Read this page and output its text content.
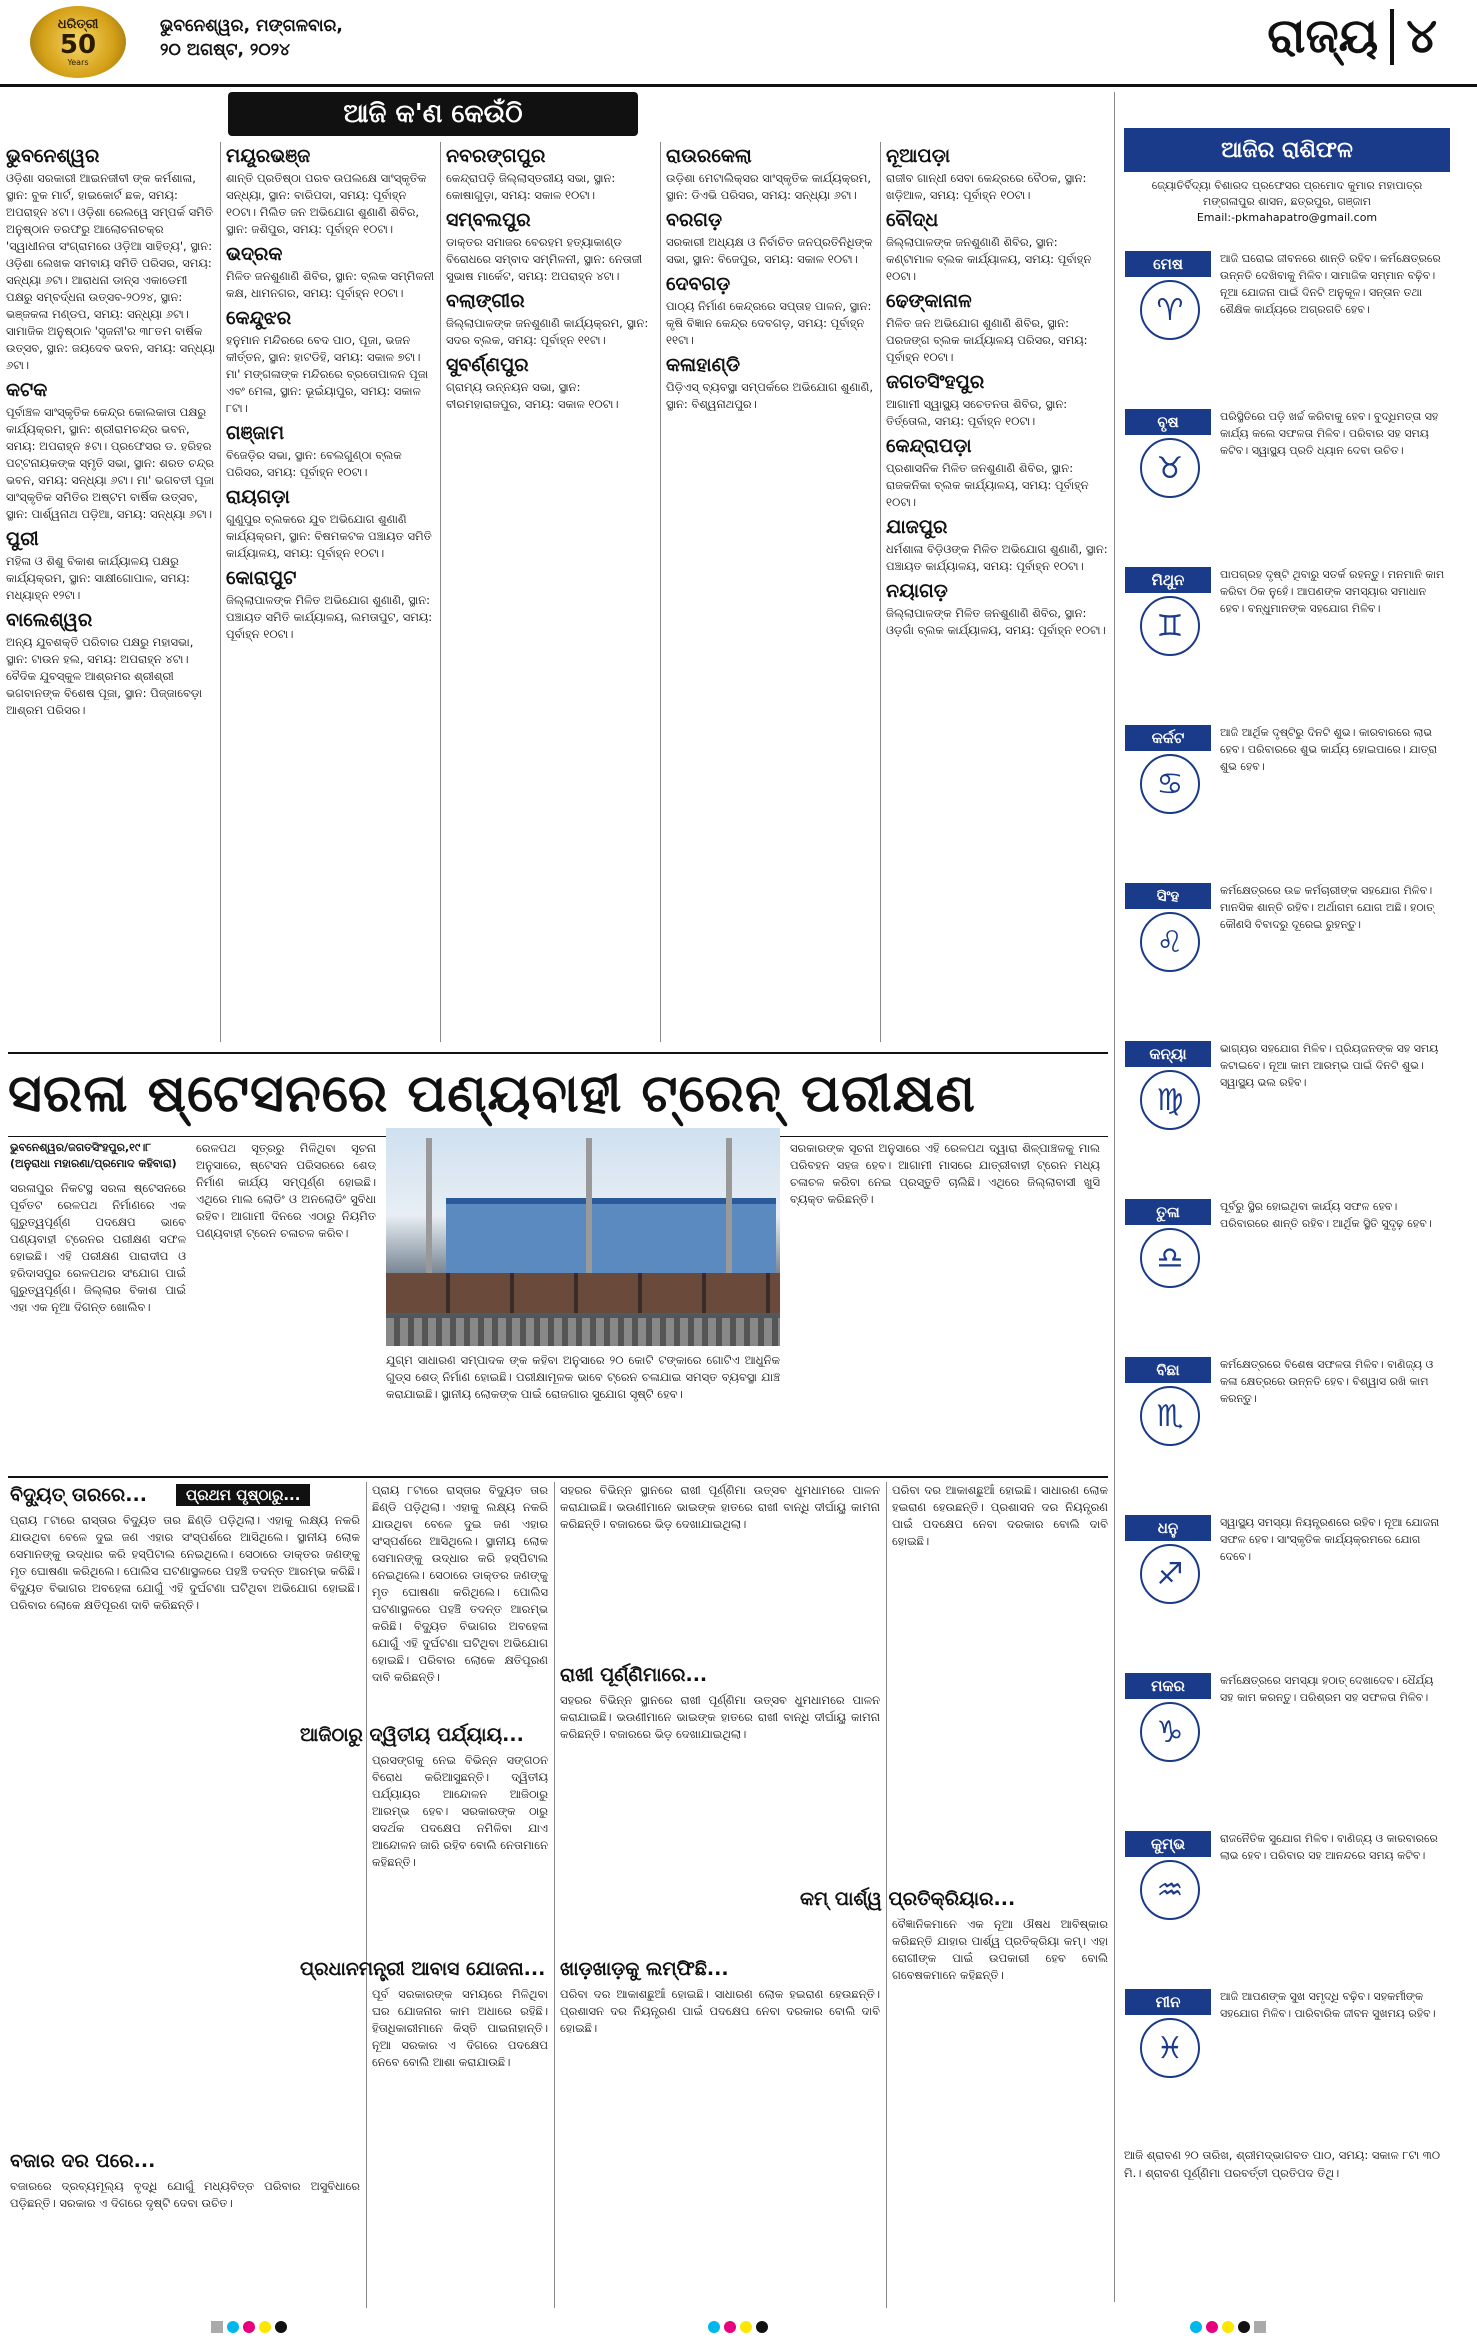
ଧରିତ୍ରୀ
50
Years
ଭୁବନେଶ୍ୱର, ମଙ୍ଗଳବାର,
୨୦ ଅଗଷ୍ଟ, ୨୦୨୪	ରାଜ୍ୟ ୪
ଆଜି କ'ଣ କେଉଁଠି
ଭୁବନେଶ୍ୱର

ଓଡ଼ିଶା ସରକାରୀ ଆଇନଜୀବୀ ଙ୍କ କର୍ମଶାଳା, ସ୍ଥାନ: ବୁକ ମାର୍ଟ, ହାଇକୋର୍ଟ ଛକ, ସମୟ: ଅପରାହ୍ନ ୪ଟା। ଓଡ଼ିଶା ରେଲୱେ ସମ୍ପର୍କ ସମିତି ଅନୁଷ୍ଠାନ ତରଫରୁ ଆଲୋଚନାଚକ୍ର 'ସ୍ୱାଧୀନତା ସଂଗ୍ରାମରେ ଓଡ଼ିଆ ସାହିତ୍ୟ', ସ୍ଥାନ: ଓଡ଼ିଶା ଲେଖକ ସମବାୟ ସମିତି ପରିସର, ସମୟ: ସନ୍ଧ୍ୟା ୬ଟା। ଆରାଧନା ଡାନ୍ସ ଏକାଡେମୀ ପକ୍ଷରୁ ସମ୍ବର୍ଦ୍ଧନା ଉତ୍ସବ-୨୦୨୪, ସ୍ଥାନ: ଭଞ୍ଜକଳା ମଣ୍ଡପ, ସମୟ: ସନ୍ଧ୍ୟା ୬ଟା। ସାମାଜିକ ଅନୁଷ୍ଠାନ 'ସୃଜନୀ'ର ୩୮ତମ ବାର୍ଷିକ ଉତ୍ସବ, ସ୍ଥାନ: ଜୟଦେବ ଭବନ, ସମୟ: ସନ୍ଧ୍ୟା ୬ଟା।

କଟକ

ପୂର୍ବାଞ୍ଚଳ ସାଂସ୍କୃତିକ କେନ୍ଦ୍ର କୋଲକାତା ପକ୍ଷରୁ କାର୍ଯ୍ୟକ୍ରମ, ସ୍ଥାନ: ଶ୍ରୀରାମଚନ୍ଦ୍ର ଭବନ, ସମୟ: ଅପରାହ୍ନ ୫ଟା। ପ୍ରଫେସର ଡ. ହରିହର ପଟ୍ଟନାୟକଙ୍କ ସ୍ମୃତି ସଭା, ସ୍ଥାନ: ଶରତ ଚନ୍ଦ୍ର ଭବନ, ସମୟ: ସନ୍ଧ୍ୟା ୬ଟା। ମା' ଭଗବତୀ ପୂଜା ସାଂସ୍କୃତିକ ସମିତିର ଅଷ୍ଟମ ବାର୍ଷିକ ଉତ୍ସବ, ସ୍ଥାନ: ପାର୍ଶ୍ୱନାଥ ପଡ଼ିଆ, ସମୟ: ସନ୍ଧ୍ୟା ୬ଟା।

ପୁରୀ

ମହିଳା ଓ ଶିଶୁ ବିକାଶ କାର୍ଯ୍ୟାଳୟ ପକ୍ଷରୁ କାର୍ଯ୍ୟକ୍ରମ, ସ୍ଥାନ: ସାକ୍ଷୀଗୋପାଳ, ସମୟ: ମଧ୍ୟାହ୍ନ ୧୨ଟା।

ବାଲେଶ୍ୱର

ଅନ୍ୟ ଯୁବଶକ୍ତି ପରିବାର ପକ୍ଷରୁ ମହାସଭା, ସ୍ଥାନ: ଟାଉନ ହଲ, ସମୟ: ଅପରାହ୍ନ ୪ଟା। ବୈଦିକ ଯୁବସ୍କୁଳ ଆଶ୍ରମର ଶ୍ରୀଶ୍ରୀ ଭଗବାନଙ୍କ ବିଶେଷ ପୂଜା, ସ୍ଥାନ: ପିଜ୍ଜାବେଡ଼ା ଆଶ୍ରମ ପରିସର।

ମୟୂରଭଞ୍ଜ

ଶାନ୍ତି ପ୍ରତିଷ୍ଠା ପରବ ଉପଲକ୍ଷେ ସାଂସ୍କୃତିକ ସନ୍ଧ୍ୟା, ସ୍ଥାନ: ବାରିପଦା, ସମୟ: ପୂର୍ବାହ୍ନ ୧୦ଟା। ମିଲିତ ଜନ ଅଭିଯୋଗ ଶୁଣାଣି ଶିବିର, ସ୍ଥାନ: ଜଶିପୁର, ସମୟ: ପୂର୍ବାହ୍ନ ୧୦ଟା।

ଭଦ୍ରକ

ମିଳିତ ଜନଶୁଣାଣି ଶିବିର, ସ୍ଥାନ: ବ୍ଲକ ସମ୍ମିଳନୀ କକ୍ଷ, ଧାମନଗର, ସମୟ: ପୂର୍ବାହ୍ନ ୧୦ଟା।

କେନ୍ଦୁଝର

ହନୁମାନ ମନ୍ଦିରରେ ବେଦ ପାଠ, ପୂଜା, ଭଜନ କୀର୍ତ୍ତନ, ସ୍ଥାନ: ହାଟଡିହି, ସମୟ: ସକାଳ ୭ଟା। ମା' ମଙ୍ଗଳାଙ୍କ ମନ୍ଦିରରେ ବ୍ରତୋପାଳନ ପୂଜା ଏବଂ ମେଳା, ସ୍ଥାନ: ଭୂଇଁୟାପୁର, ସମୟ: ସକାଳ ୮ଟା।

ଗଞ୍ଜାମ

ବିଜେଡ଼ିର ସଭା, ସ୍ଥାନ: ବେଲଗୁଣ୍ଠା ବ୍ଲକ ପରିସର, ସମୟ: ପୂର୍ବାହ୍ନ ୧୦ଟା।

ରାୟଗଡ଼ା

ଗୁଣୁପୁର ବ୍ଲକରେ ଯୁବ ଅଭିଯୋଗ ଶୁଣାଣି କାର୍ଯ୍ୟକ୍ରମ, ସ୍ଥାନ: ବିଷମକଟକ ପଞ୍ଚାୟତ ସମିତି କାର୍ଯ୍ୟାଳୟ, ସମୟ: ପୂର୍ବାହ୍ନ ୧୦ଟା।

କୋରାପୁଟ

ଜିଲ୍ଲାପାଳଙ୍କ ମିଳିତ ଅଭିଯୋଗ ଶୁଣାଣି, ସ୍ଥାନ: ପଞ୍ଚାୟତ ସମିତି କାର୍ଯ୍ୟାଳୟ, ଲମତାପୁଟ, ସମୟ: ପୂର୍ବାହ୍ନ ୧୦ଟା।

ନବରଙ୍ଗପୁର

କେନ୍ଦ୍ରାପଡ଼ି ଜିଲ୍ଲାସ୍ତରୀୟ ସଭା, ସ୍ଥାନ: କୋଷାଗୁଡ଼ା, ସମୟ: ସକାଳ ୧୦ଟା।

ସମ୍ବଲପୁର

ଡାକ୍ତର ସମାଜର ବେରହମ ହତ୍ୟାକାଣ୍ଡ ବିରୋଧରେ ସମ୍ବାଦ ସମ୍ମିଳନୀ, ସ୍ଥାନ: ନେତାଜୀ ସୁଭାଷ ମାର୍କେଟ, ସମୟ: ଅପରାହ୍ନ ୪ଟା।

ବଲାଙ୍ଗୀର

ଜିଲ୍ଲାପାଳଙ୍କ ଜନଶୁଣାଣି କାର୍ଯ୍ୟକ୍ରମ, ସ୍ଥାନ: ସଦର ବ୍ଲକ, ସମୟ: ପୂର୍ବାହ୍ନ ୧୧ଟା।

ସୁବର୍ଣ୍ଣପୁର

ଗ୍ରାମ୍ୟ ଉନ୍ନୟନ ସଭା, ସ୍ଥାନ: ବୀରମହାରାଜପୁର, ସମୟ: ସକାଳ ୧୦ଟା।

ରାଉରକେଲା

ଉଡ଼ିଶା ମେଟାଲିକ୍ସର ସାଂସ୍କୃତିକ କାର୍ଯ୍ୟକ୍ରମ, ସ୍ଥାନ: ଡିଏଭି ପରିସର, ସମୟ: ସନ୍ଧ୍ୟା ୬ଟା।

ବରଗଡ଼

ସରକାରୀ ଅଧ୍ୟକ୍ଷ ଓ ନିର୍ବାଚିତ ଜନପ୍ରତିନିଧିଙ୍କ ସଭା, ସ୍ଥାନ: ବିଜେପୁର, ସମୟ: ସକାଳ ୧୦ଟା।

ଦେବଗଡ଼

ପାଠ୍ୟ ନିର୍ମାଣ କେନ୍ଦ୍ରରେ ସପ୍ତାହ ପାଳନ, ସ୍ଥାନ: କୃଷି ବିଜ୍ଞାନ କେନ୍ଦ୍ର ଦେବଗଡ଼, ସମୟ: ପୂର୍ବାହ୍ନ ୧୧ଟା।

କଳାହାଣ୍ଡି

ପିଡ଼ିଏସ୍ ବ୍ୟବସ୍ଥା ସମ୍ପର୍କରେ ଅଭିଯୋଗ ଶୁଣାଣି, ସ୍ଥାନ: ବିଶ୍ୱନାଥପୁର।

ନୂଆପଡ଼ା

ରାଜୀବ ଗାନ୍ଧୀ ସେବା କେନ୍ଦ୍ରରେ ବୈଠକ, ସ୍ଥାନ: ଖଡ଼ିଆଳ, ସମୟ: ପୂର୍ବାହ୍ନ ୧୦ଟା।

ବୌଦ୍ଧ

ଜିଲ୍ଲାପାଳଙ୍କ ଜନଶୁଣାଣି ଶିବିର, ସ୍ଥାନ: କଣ୍ଟାମାଳ ବ୍ଲକ କାର୍ଯ୍ୟାଳୟ, ସମୟ: ପୂର୍ବାହ୍ନ ୧୦ଟା।

ଢେଙ୍କାନାଳ

ମିଳିତ ଜନ ଅଭିଯୋଗ ଶୁଣାଣି ଶିବିର, ସ୍ଥାନ: ପରଜଙ୍ଗ ବ୍ଲକ କାର୍ଯ୍ୟାଳୟ ପରିସର, ସମୟ: ପୂର୍ବାହ୍ନ ୧୦ଟା।

ଜଗତସିଂହପୁର

ଆଗାମୀ ସ୍ୱାସ୍ଥ୍ୟ ସଚେତନତା ଶିବିର, ସ୍ଥାନ: ତିର୍ତ୍ତୋଲ, ସମୟ: ପୂର୍ବାହ୍ନ ୧୦ଟା।

କେନ୍ଦ୍ରାପଡ଼ା

ପ୍ରଶାସନିକ ମିଳିତ ଜନଶୁଣାଣି ଶିବିର, ସ୍ଥାନ: ରାଜକନିକା ବ୍ଲକ କାର୍ଯ୍ୟାଳୟ, ସମୟ: ପୂର୍ବାହ୍ନ ୧୦ଟା।

ଯାଜପୁର

ଧର୍ମଶାଳା ବିଡ଼ିଓଙ୍କ ମିଳିତ ଅଭିଯୋଗ ଶୁଣାଣି, ସ୍ଥାନ: ପଞ୍ଚାୟତ କାର୍ଯ୍ୟାଳୟ, ସମୟ: ପୂର୍ବାହ୍ନ ୧୦ଟା।

ନୟାଗଡ଼

ଜିଲ୍ଲାପାଳଙ୍କ ମିଳିତ ଜନଶୁଣାଣି ଶିବିର, ସ୍ଥାନ: ଓଡ଼ଗାଁ ବ୍ଲକ କାର୍ଯ୍ୟାଳୟ, ସମୟ: ପୂର୍ବାହ୍ନ ୧୦ଟା।

ଆଜିର ରାଶିଫଳ
ଜ୍ୟୋତିର୍ବିଦ୍ୟା ବିଶାରଦ ପ୍ରଫେସର ପ୍ରମୋଦ କୁମାର ମହାପାତ୍ର
ମଙ୍ଗଳାପୁର ଶାସନ, ଛତ୍ରପୁର, ଗଞ୍ଜାମ
Email:-pkmahapatro@gmail.com
ମେଷ
♈
ଆଜି ଘରୋଇ ଜୀବନରେ ଶାନ୍ତି ରହିବ। କର୍ମକ୍ଷେତ୍ରରେ ଉନ୍ନତି ଦେଖିବାକୁ ମିଳିବ। ସାମାଜିକ ସମ୍ମାନ ବଢ଼ିବ। ନୂଆ ଯୋଜନା ପାଇଁ ଦିନଟି ଅନୁକୂଳ। ସନ୍ତାନ ତଥା ଶୈକ୍ଷିକ କାର୍ଯ୍ୟରେ ଅଗ୍ରଗତି ହେବ।
ବୃଷ
♉
ପରିସ୍ଥିତିରେ ପଡ଼ି ଖର୍ଚ୍ଚ କରିବାକୁ ହେବ। ବୁଦ୍ଧିମତ୍ତା ସହ କାର୍ଯ୍ୟ କଲେ ସଫଳତା ମିଳିବ। ପରିବାର ସହ ସମୟ କଟିବ। ସ୍ୱାସ୍ଥ୍ୟ ପ୍ରତି ଧ୍ୟାନ ଦେବା ଉଚିତ।
ମିଥୁନ
♊
ପାପଗ୍ରହ ଦୃଷ୍ଟି ଥିବାରୁ ସତର୍କ ରହନ୍ତୁ। ମନମାନି କାମ କରିବା ଠିକ ନୁହେଁ। ଆପଣଙ୍କ ସମସ୍ୟାର ସମାଧାନ ହେବ। ବନ୍ଧୁମାନଙ୍କ ସହଯୋଗ ମିଳିବ।
କର୍କଟ
♋
ଆଜି ଆର୍ଥିକ ଦୃଷ୍ଟିରୁ ଦିନଟି ଶୁଭ। କାରବାରରେ ଲାଭ ହେବ। ପରିବାରରେ ଶୁଭ କାର୍ଯ୍ୟ ହୋଇପାରେ। ଯାତ୍ରା ଶୁଭ ହେବ।
ସିଂହ
♌
କର୍ମକ୍ଷେତ୍ରରେ ଉଚ୍ଚ କର୍ମଚାରୀଙ୍କ ସହଯୋଗ ମିଳିବ। ମାନସିକ ଶାନ୍ତି ରହିବ। ଅର୍ଥାଗମ ଯୋଗ ଅଛି। ହଠାତ୍ କୌଣସି ବିବାଦରୁ ଦୂରେଇ ରୁହନ୍ତୁ।
କନ୍ୟା
♍
ଭାଗ୍ୟର ସହଯୋଗ ମିଳିବ। ପ୍ରିୟଜନଙ୍କ ସହ ସମୟ କଟାଇବେ। ନୂଆ କାମ ଆରମ୍ଭ ପାଇଁ ଦିନଟି ଶୁଭ। ସ୍ୱାସ୍ଥ୍ୟ ଭଲ ରହିବ।
ତୁଳା
♎
ପୂର୍ବରୁ ସ୍ଥିର ହୋଇଥିବା କାର୍ଯ୍ୟ ସଫଳ ହେବ। ପରିବାରରେ ଶାନ୍ତି ରହିବ। ଆର୍ଥିକ ସ୍ଥିତି ସୁଦୃଢ଼ ହେବ।
ବିଛା
♏
କର୍ମକ୍ଷେତ୍ରରେ ବିଶେଷ ସଫଳତା ମିଳିବ। ବାଣିଜ୍ୟ ଓ କଳା କ୍ଷେତ୍ରରେ ଉନ୍ନତି ହେବ। ବିଶ୍ୱାସ ରଖି କାମ କରନ୍ତୁ।
ଧନୁ
♐
ସ୍ୱାସ୍ଥ୍ୟ ସମସ୍ୟା ନିୟନ୍ତ୍ରଣରେ ରହିବ। ନୂଆ ଯୋଜନା ସଫଳ ହେବ। ସାଂସ୍କୃତିକ କାର୍ଯ୍ୟକ୍ରମରେ ଯୋଗ ଦେବେ।
ମକର
♑
କର୍ମକ୍ଷେତ୍ରରେ ସମସ୍ୟା ହଠାତ୍ ଦେଖାଦେବ। ଧୈର୍ଯ୍ୟ ସହ କାମ କରନ୍ତୁ। ପରିଶ୍ରମ ସହ ସଫଳତା ମିଳିବ।
କୁମ୍ଭ
♒
ରାଜନୈତିକ ସୁଯୋଗ ମିଳିବ। ବାଣିଜ୍ୟ ଓ କାରବାରରେ ଲାଭ ହେବ। ପରିବାର ସହ ଆନନ୍ଦରେ ସମୟ କଟିବ।
ମୀନ
♓
ଆଜି ଆପଣଙ୍କ ସୁଖ ସମୃଦ୍ଧି ବଢ଼ିବ। ସହକର୍ମୀଙ୍କ ସହଯୋଗ ମିଳିବ। ପାରିବାରିକ ଜୀବନ ସୁଖମୟ ରହିବ।
ଆଜି ଶ୍ରାବଣ ୨୦ ତାରିଖ, ଶ୍ରୀମଦ୍‌ଭାଗବତ ପାଠ, ସମୟ: ସକାଳ ୮ଟା ୩୦ ମି.। ଶ୍ରାବଣ ପୂର୍ଣ୍ଣିମା ପରବର୍ତ୍ତୀ ପ୍ରତିପଦ ତିଥି।
ସରଳା ଷ୍ଟେସନରେ ପଣ୍ୟବାହୀ ଟ୍ରେନ୍ ପରୀକ୍ଷଣ
ଭୁବନେଶ୍ୱର/ଜଗତସିଂହପୁର,୧୯।୮
(ଅନୁରାଧା ମହାରଣା/ପ୍ରମୋଦ କହିବାରା)
ସରଳାପୁର ନିକଟସ୍ଥ ସରଳା ଷ୍ଟେସନରେ ପୂର୍ବତଟ ରେଳପଥ ନିର୍ମାଣରେ ଏକ ଗୁରୁତ୍ୱପୂର୍ଣ୍ଣ ପଦକ୍ଷେପ ଭାବେ ପଣ୍ୟବାହୀ ଟ୍ରେନର ପରୀକ୍ଷଣ ସଫଳ ହୋଇଛି। ଏହି ପରୀକ୍ଷଣ ପାରାଦୀପ ଓ ହରିଦାସପୁର ରେଳପଥର ସଂଯୋଗ ପାଇଁ ଗୁରୁତ୍ୱପୂର୍ଣ୍ଣ। ଜିଲ୍ଲାର ବିକାଶ ପାଇଁ ଏହା ଏକ ନୂଆ ଦିଗନ୍ତ ଖୋଲିବ।
ରେଳପଥ ସୂତ୍ରରୁ ମିଳିଥିବା ସୂଚନା ଅନୁସାରେ, ଷ୍ଟେସନ ପରିସରରେ ଶେଡ୍ ନିର୍ମାଣ କାର୍ଯ୍ୟ ସମ୍ପୂର୍ଣ୍ଣ ହୋଇଛି। ଏଥିରେ ମାଲ ଲୋଡିଂ ଓ ଅନଲୋଡିଂ ସୁବିଧା ରହିବ। ଆଗାମୀ ଦିନରେ ଏଠାରୁ ନିୟମିତ ପଣ୍ୟବାହୀ ଟ୍ରେନ ଚଳାଚଳ କରିବ।
ଯୁଗ୍ମ ସାଧାରଣ ସମ୍ପାଦକ ଙ୍କ କହିବା ଅନୁସାରେ ୨୦ କୋଟି ଟଙ୍କାରେ ଗୋଟିଏ ଆଧୁନିକ ଗୁଡ୍‌ସ ଶେଡ୍ ନିର୍ମାଣ ହୋଇଛି। ପରୀକ୍ଷାମୂଳକ ଭାବେ ଟ୍ରେନ ଚଳାଯାଇ ସମସ୍ତ ବ୍ୟବସ୍ଥା ଯାଞ୍ଚ କରାଯାଇଛି। ସ୍ଥାନୀୟ ଲୋକଙ୍କ ପାଇଁ ରୋଜଗାର ସୁଯୋଗ ସୃଷ୍ଟି ହେବ।
ସରକାରଙ୍କ ସୂଚନା ଅନୁସାରେ ଏହି ରେଳପଥ ଦ୍ୱାରା ଶିଳ୍ପାଞ୍ଚଳକୁ ମାଲ ପରିବହନ ସହଜ ହେବ। ଆଗାମୀ ମାସରେ ଯାତ୍ରୀବାହୀ ଟ୍ରେନ ମଧ୍ୟ ଚଳାଚଳ କରିବା ନେଇ ପ୍ରସ୍ତୁତି ଚାଲିଛି। ଏଥିରେ ଜିଲ୍ଲାବାସୀ ଖୁସି ବ୍ୟକ୍ତ କରିଛନ୍ତି।
ବିଦ୍ୟୁତ୍ ତାରରେ...	ପ୍ରଥମ ପୃଷ୍ଠାରୁ...
ପ୍ରାୟ ୮ଟାରେ ରାସ୍ତାର ବିଦ୍ୟୁତ ତାର ଛିଣ୍ଡି ପଡ଼ିଥିଲା। ଏହାକୁ ଲକ୍ଷ୍ୟ ନକରି ଯାଉଥିବା ବେଳେ ଦୁଇ ଜଣ ଏହାର ସଂସ୍ପର୍ଶରେ ଆସିଥିଲେ। ସ୍ଥାନୀୟ ଲୋକ ସେମାନଙ୍କୁ ଉଦ୍ଧାର କରି ହସ୍ପିଟାଲ ନେଇଥିଲେ। ସେଠାରେ ଡାକ୍ତର ଜଣଙ୍କୁ ମୃତ ଘୋଷଣା କରିଥିଲେ। ପୋଲିସ ଘଟଣାସ୍ଥଳରେ ପହଞ୍ଚି ତଦନ୍ତ ଆରମ୍ଭ କରିଛି। ବିଦ୍ୟୁତ ବିଭାଗର ଅବହେଳା ଯୋଗୁଁ ଏହି ଦୁର୍ଘଟଣା ଘଟିଥିବା ଅଭିଯୋଗ ହୋଇଛି। ପରିବାର ଲୋକେ କ୍ଷତିପୂରଣ ଦାବି କରିଛନ୍ତି।
ବଜାର ଦର ପରେ...
ବଜାରରେ ଦ୍ରବ୍ୟମୂଲ୍ୟ ବୃଦ୍ଧି ଯୋଗୁଁ ମଧ୍ୟବିତ୍ତ ପରିବାର ଅସୁବିଧାରେ ପଡ଼ିଛନ୍ତି। ସରକାର ଏ ଦିଗରେ ଦୃଷ୍ଟି ଦେବା ଉଚିତ।
ପ୍ରାୟ ୮ଟାରେ ରାସ୍ତାର ବିଦ୍ୟୁତ ତାର ଛିଣ୍ଡି ପଡ଼ିଥିଲା। ଏହାକୁ ଲକ୍ଷ୍ୟ ନକରି ଯାଉଥିବା ବେଳେ ଦୁଇ ଜଣ ଏହାର ସଂସ୍ପର୍ଶରେ ଆସିଥିଲେ। ସ୍ଥାନୀୟ ଲୋକ ସେମାନଙ୍କୁ ଉଦ୍ଧାର କରି ହସ୍ପିଟାଲ ନେଇଥିଲେ। ସେଠାରେ ଡାକ୍ତର ଜଣଙ୍କୁ ମୃତ ଘୋଷଣା କରିଥିଲେ। ପୋଲିସ ଘଟଣାସ୍ଥଳରେ ପହଞ୍ଚି ତଦନ୍ତ ଆରମ୍ଭ କରିଛି। ବିଦ୍ୟୁତ ବିଭାଗର ଅବହେଳା ଯୋଗୁଁ ଏହି ଦୁର୍ଘଟଣା ଘଟିଥିବା ଅଭିଯୋଗ ହୋଇଛି। ପରିବାର ଲୋକେ କ୍ଷତିପୂରଣ ଦାବି କରିଛନ୍ତି।
ଆଜିଠାରୁ ଦ୍ୱିତୀୟ ପର୍ଯ୍ୟାୟ...
ପ୍ରସଙ୍ଗକୁ ନେଇ ବିଭିନ୍ନ ସଙ୍ଗଠନ ବିରୋଧ କରିଆସୁଛନ୍ତି। ଦ୍ୱିତୀୟ ପର୍ଯ୍ୟାୟର ଆନ୍ଦୋଳନ ଆଜିଠାରୁ ଆରମ୍ଭ ହେବ। ସରକାରଙ୍କ ଠାରୁ ସଦର୍ଥକ ପଦକ୍ଷେପ ନମିଳିବା ଯାଏ ଆନ୍ଦୋଳନ ଜାରି ରହିବ ବୋଲି ନେତାମାନେ କହିଛନ୍ତି।
ପ୍ରଧାନମନ୍ତ୍ରୀ ଆବାସ ଯୋଜନା...
ପୂର୍ବ ସରକାରଙ୍କ ସମୟରେ ମିଳିଥିବା ଘର ଯୋଜନାର କାମ ଅଧାରେ ରହିଛି। ହିତାଧିକାରୀମାନେ କିସ୍ତି ପାଇନାହାନ୍ତି। ନୂଆ ସରକାର ଏ ଦିଗରେ ପଦକ୍ଷେପ ନେବେ ବୋଲି ଆଶା କରାଯାଉଛି।
ସହରର ବିଭିନ୍ନ ସ୍ଥାନରେ ରାଖୀ ପୂର୍ଣ୍ଣିମା ଉତ୍ସବ ଧୁମଧାମରେ ପାଳନ କରାଯାଇଛି। ଭଉଣୀମାନେ ଭାଇଙ୍କ ହାତରେ ରାଖୀ ବାନ୍ଧି ଦୀର୍ଘାୟୁ କାମନା କରିଛନ୍ତି। ବଜାରରେ ଭିଡ଼ ଦେଖାଯାଇଥିଲା।
ରାଖୀ ପୂର୍ଣ୍ଣିମାରେ...
ସହରର ବିଭିନ୍ନ ସ୍ଥାନରେ ରାଖୀ ପୂର୍ଣ୍ଣିମା ଉତ୍ସବ ଧୁମଧାମରେ ପାଳନ କରାଯାଇଛି। ଭଉଣୀମାନେ ଭାଇଙ୍କ ହାତରେ ରାଖୀ ବାନ୍ଧି ଦୀର୍ଘାୟୁ କାମନା କରିଛନ୍ତି। ବଜାରରେ ଭିଡ଼ ଦେଖାଯାଇଥିଲା।
ଖାଡ଼ଖାଡ଼କୁ ଲମ୍ଫିଛି...
ପରିବା ଦର ଆକାଶଛୁଆଁ ହୋଇଛି। ସାଧାରଣ ଲୋକ ହଇରାଣ ହେଉଛନ୍ତି। ପ୍ରଶାସନ ଦର ନିୟନ୍ତ୍ରଣ ପାଇଁ ପଦକ୍ଷେପ ନେବା ଦରକାର ବୋଲି ଦାବି ହୋଇଛି।
ପରିବା ଦର ଆକାଶଛୁଆଁ ହୋଇଛି। ସାଧାରଣ ଲୋକ ହଇରାଣ ହେଉଛନ୍ତି। ପ୍ରଶାସନ ଦର ନିୟନ୍ତ୍ରଣ ପାଇଁ ପଦକ୍ଷେପ ନେବା ଦରକାର ବୋଲି ଦାବି ହୋଇଛି।
କମ୍ ପାର୍ଶ୍ୱ ପ୍ରତିକ୍ରିୟାର...
ବୈଜ୍ଞାନିକମାନେ ଏକ ନୂଆ ଔଷଧ ଆବିଷ୍କାର କରିଛନ୍ତି ଯାହାର ପାର୍ଶ୍ୱ ପ୍ରତିକ୍ରିୟା କମ୍। ଏହା ରୋଗୀଙ୍କ ପାଇଁ ଉପକାରୀ ହେବ ବୋଲି ଗବେଷକମାନେ କହିଛନ୍ତି।
